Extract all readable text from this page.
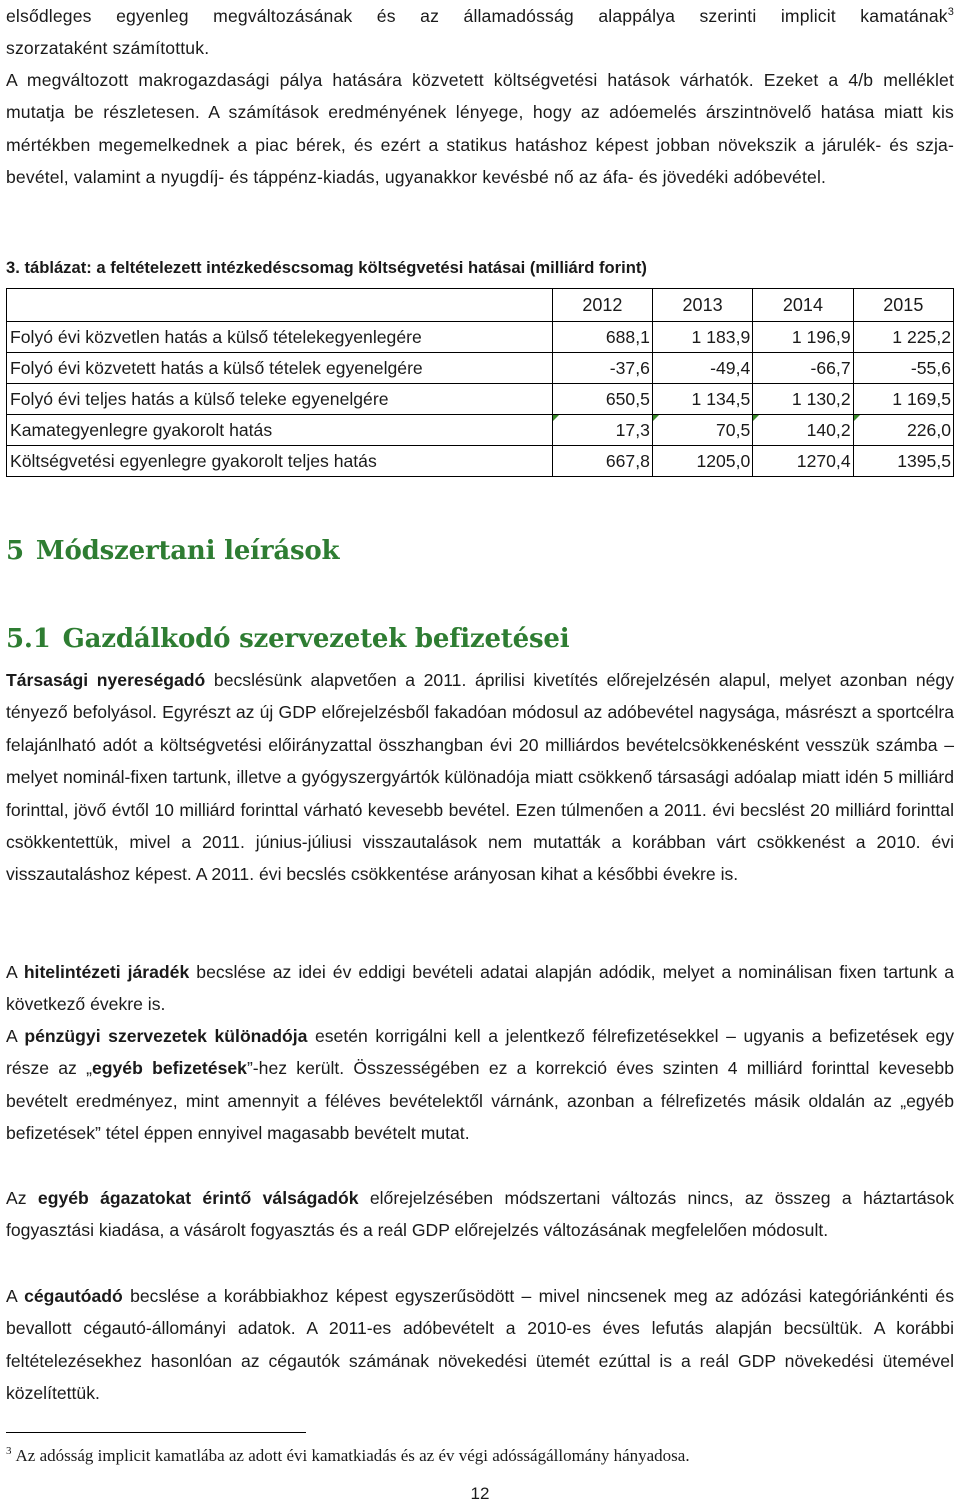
elsődleges egyenleg megváltozásának és az államadósság alappálya szerinti implicit kamatának$^3$

szorzataként számítottuk.

A megváltozott makrogazdasági pálya hatására közvetett költségvetési hatások várhatók. Ezeket a 4/b melléklet mutatja be részletesen. A számítások eredményének lényege, hogy az adóemelés árszintnövelő hatása miatt kis mértékben megemelkednek a piac bérek, és ezért a statikus hatáshoz képest jobban növekszik a járulék- és szja-bevétel, valamint a nyugdíj- és táppénz-kiadás, ugyanakkor kevésbé nő az áfa- és jövedéki adóbevétel.

3. táblázat: a feltételezett intézkedéscsomag költségvetési hatásai (milliárd forint)
	2012	2013	2014	2015
Folyó évi közvetlen hatás a külső tételekegyenlegére	688,1	1 183,9	1 196,9	1 225,2
Folyó évi közvetett hatás a külső tételek egyenelgére	-37,6	-49,4	-66,7	-55,6
Folyó évi teljes hatás a külső teleke egyenelgére	650,5	1 134,5	1 130,2	1 169,5
Kamategyenlegre gyakorolt hatás	17,3	70,5	140,2	226,0
Költségvetési egyenlegre gyakorolt teljes hatás	667,8	1205,0	1270,4	1395,5
5 Módszertani leírások
5.1 Gazdálkodó szervezetek befizetései

Társasági nyereségadó becslésünk alapvetően a 2011. áprilisi kivetítés előrejelzésén alapul, melyet azonban négy tényező befolyásol. Egyrészt az új GDP előrejelzésből fakadóan módosul az adóbevétel nagysága, másrészt a sportcélra felajánlható adót a költségvetési előirányzattal összhangban évi 20 milliárdos bevételcsökkenésként vesszük számba – melyet nominál-fixen tartunk, illetve a gyógyszergyártók különadója miatt csökkenő társasági adóalap miatt idén 5 milliárd forinttal, jövő évtől 10 milliárd forinttal várható kevesebb bevétel. Ezen túlmenően a 2011. évi becslést 20 milliárd forinttal csökkentettük, mivel a 2011. június-júliusi visszautalások nem mutatták a korábban várt csökkenést a 2010. évi visszautaláshoz képest. A 2011. évi becslés csökkentése arányosan kihat a későbbi évekre is.

A hitelintézeti járadék becslése az idei év eddigi bevételi adatai alapján adódik, melyet a nominálisan fixen tartunk a következő évekre is.

A pénzügyi szervezetek különadója esetén korrigálni kell a jelentkező félrefizetésekkel – ugyanis a befizetések egy része az „egyéb befizetések”-hez került. Összességében ez a korrekció éves szinten 4 milliárd forinttal kevesebb bevételt eredményez, mint amennyit a féléves bevételektől várnánk, azonban a félrefizetés másik oldalán az „egyéb befizetések” tétel éppen ennyivel magasabb bevételt mutat.

Az egyéb ágazatokat érintő válságadók előrejelzésében módszertani változás nincs, az összeg a háztartások fogyasztási kiadása, a vásárolt fogyasztás és a reál GDP előrejelzés változásának megfelelően módosult.

A cégautóadó becslése a korábbiakhoz képest egyszerűsödött – mivel nincsenek meg az adózási kategóriánkénti és bevallott cégautó-állományi adatok. A 2011-es adóbevételt a 2010-es éves lefutás alapján becsültük. A korábbi feltételezésekhez hasonlóan az cégautók számának növekedési ütemét ezúttal is a reál GDP növekedési ütemével közelítettük.

$^3$ Az adósság implicit kamatlába az adott évi kamatkiadás és az év végi adósságállomány hányadosa.
12
